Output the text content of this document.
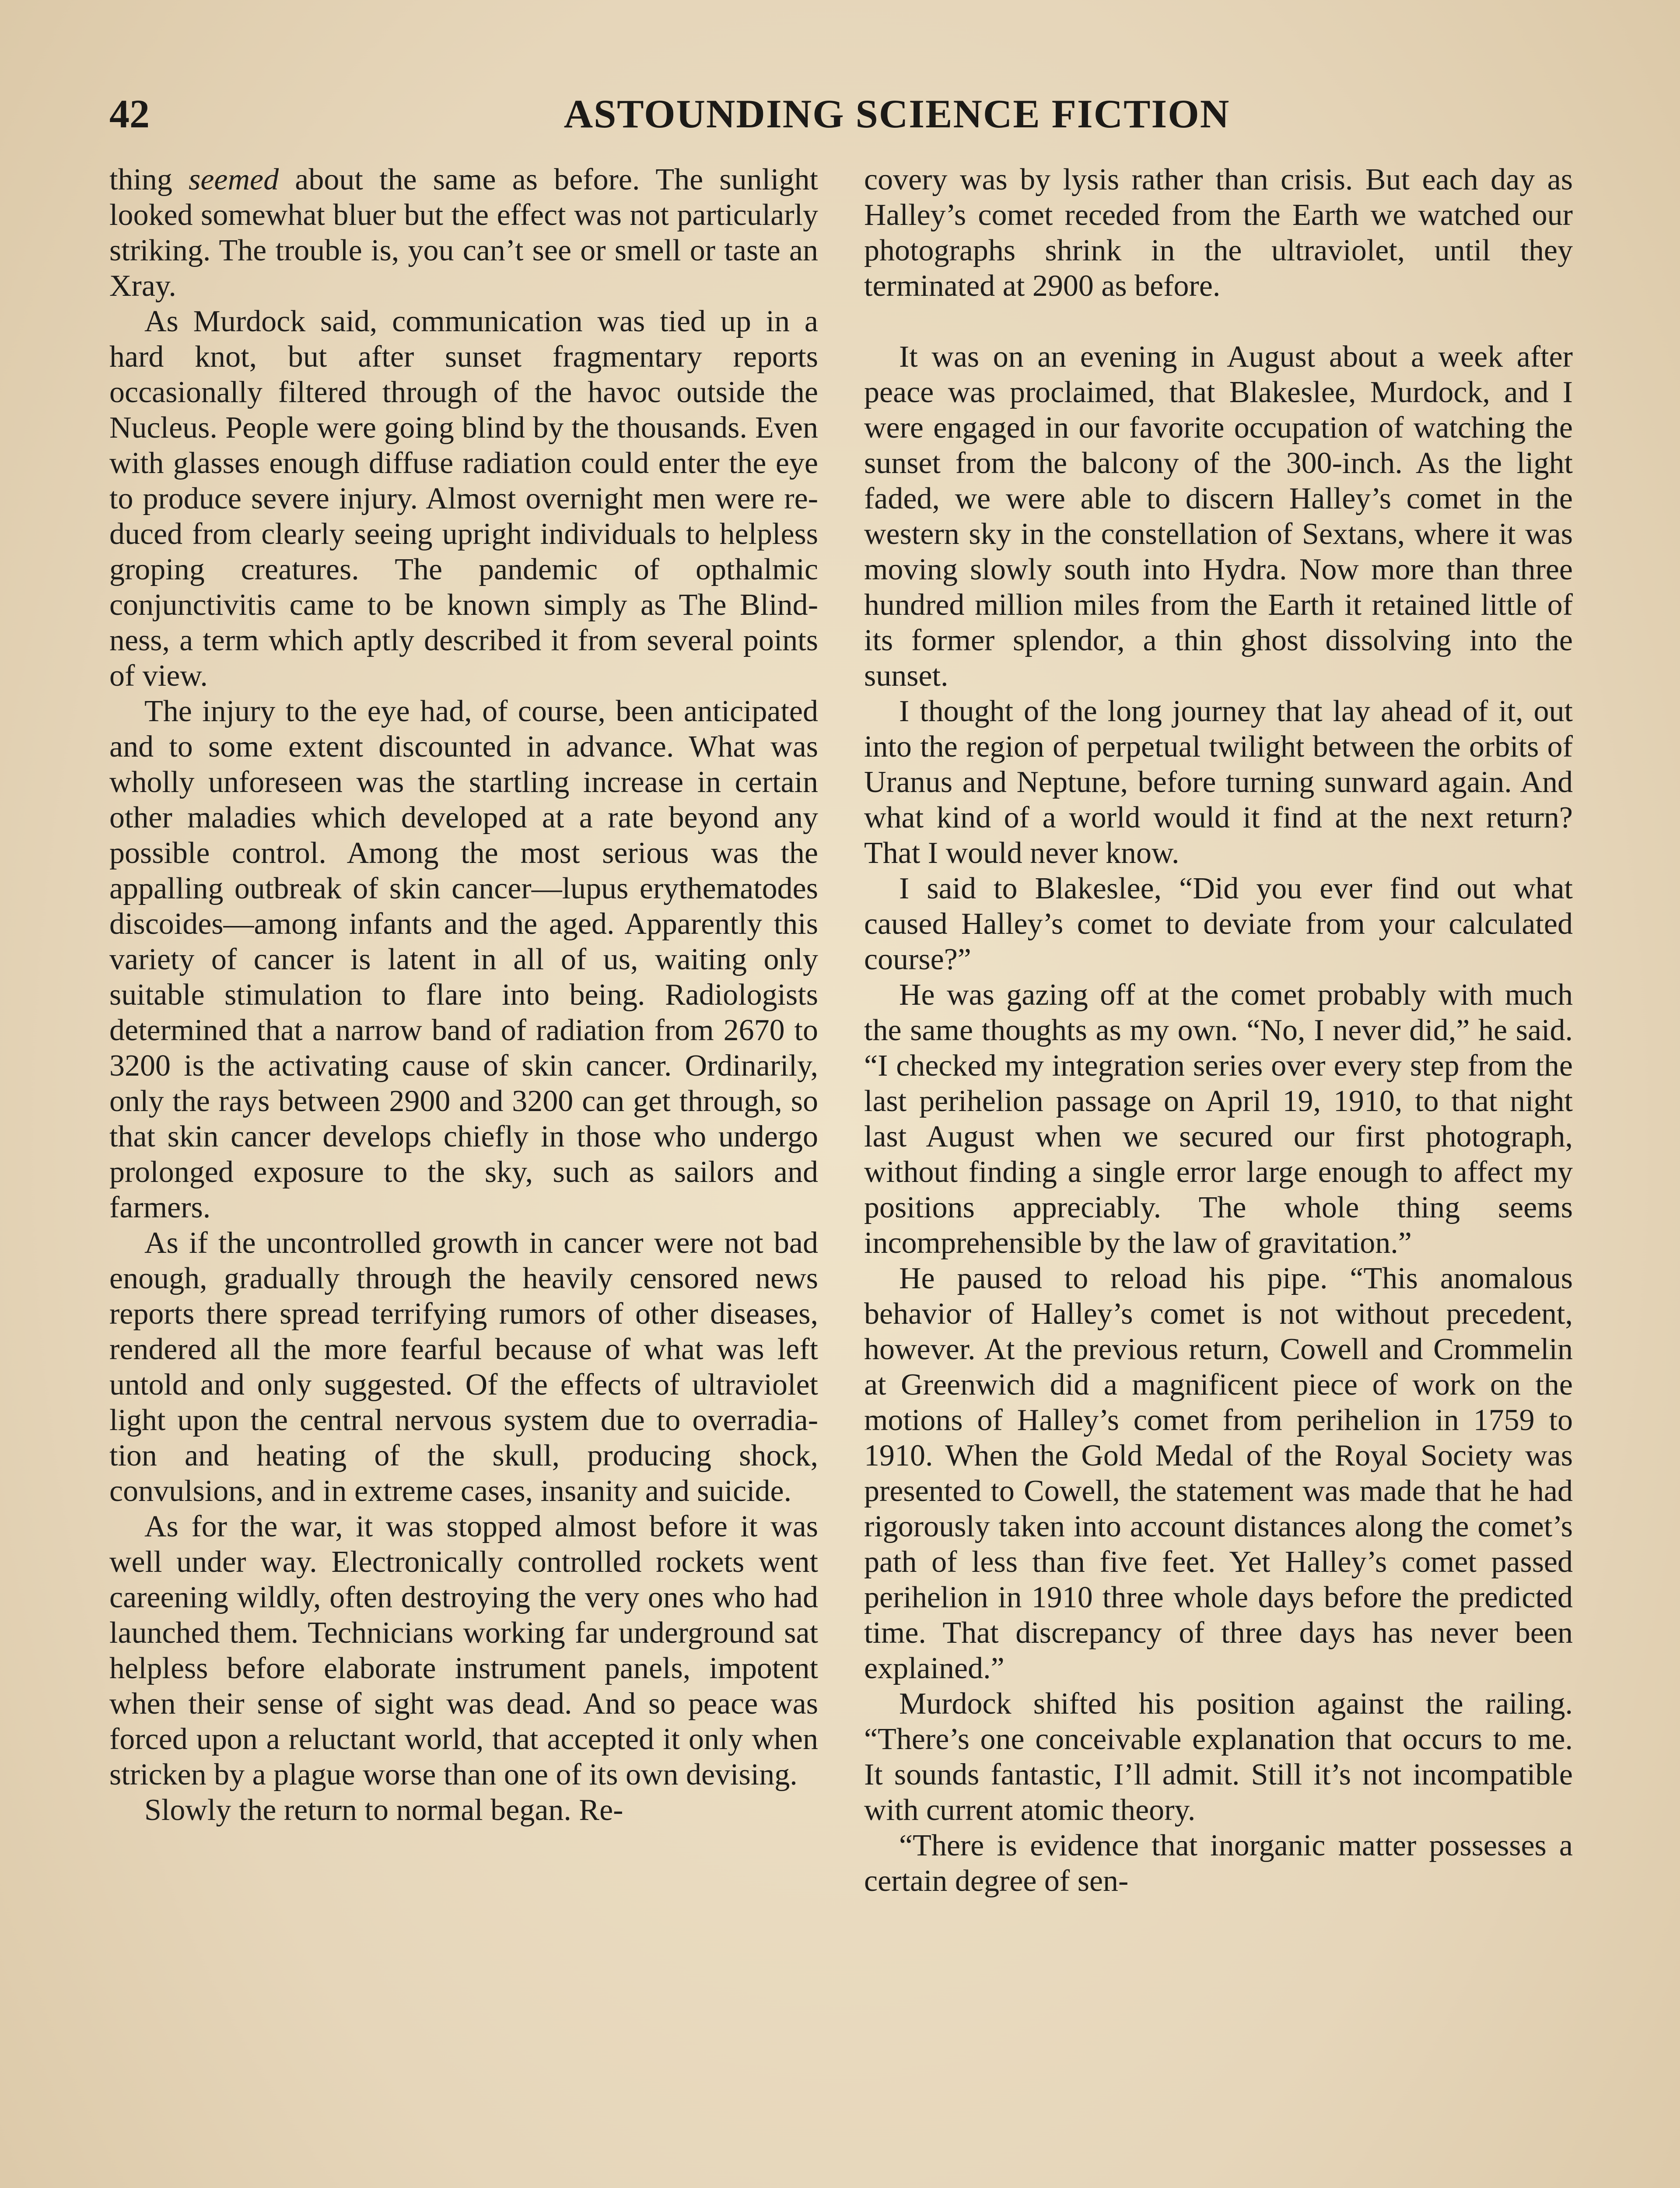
42	ASTOUNDING SCIENCE FICTION

thing seemed about the same as before. The sunlight looked somewhat bluer but the effect was not particularly striking. The trouble is, you can’t see or smell or taste an Xray.

As Murdock said, communication was tied up in a hard knot, but after sunset fragmentary reports occasionally filtered through of the havoc outside the Nucleus. People were going blind by the thousands. Even with glasses enough diffuse radiation could enter the eye to produce severe injury. Almost overnight men were reduced from clearly seeing upright individuals to helpless groping creatures. The pandemic of opthalmic conjunctivitis came to be known simply as The Blindness, a term which aptly described it from several points of view.

The injury to the eye had, of course, been anticipated and to some extent discounted in advance. What was wholly unforeseen was the startling increase in certain other maladies which developed at a rate beyond any possible control. Among the most serious was the appalling outbreak of skin cancer—lupus erythematodes discoides—among infants and the aged. Apparently this variety of cancer is latent in all of us, waiting only suitable stimulation to flare into being. Radiologists determined that a narrow band of radiation from 2670 to 3200 is the activating cause of skin cancer. Ordinarily, only the rays between 2900 and 3200 can get through, so that skin cancer develops chiefly in those who undergo prolonged exposure to the sky, such as sailors and farmers.

As if the uncontrolled growth in cancer were not bad enough, gradually through the heavily censored news reports there spread terrifying rumors of other diseases, rendered all the more fearful because of what was left untold and only suggested. Of the effects of ultraviolet light upon the central nervous system due to overradiation and heating of the skull, producing shock, convulsions, and in extreme cases, insanity and suicide.

As for the war, it was stopped almost before it was well under way. Electronically controlled rockets went careening wildly, often destroying the very ones who had launched them. Technicians working far underground sat helpless before elaborate instrument panels, impotent when their sense of sight was dead. And so peace was forced upon a reluctant world, that accepted it only when stricken by a plague worse than one of its own devising.

Slowly the return to normal began. Re-

covery was by lysis rather than crisis. But each day as Halley’s comet receded from the Earth we watched our photographs shrink in the ultraviolet, until they terminated at 2900 as before.

It was on an evening in August about a week after peace was proclaimed, that Blakeslee, Murdock, and I were engaged in our favorite occupation of watching the sunset from the balcony of the 300-inch. As the light faded, we were able to discern Halley’s comet in the western sky in the constellation of Sextans, where it was moving slowly south into Hydra. Now more than three hundred million miles from the Earth it retained little of its former splendor, a thin ghost dissolving into the sunset.

I thought of the long journey that lay ahead of it, out into the region of perpetual twilight between the orbits of Uranus and Neptune, before turning sunward again. And what kind of a world would it find at the next return? That I would never know.

I said to Blakeslee, “Did you ever find out what caused Halley’s comet to deviate from your calculated course?”

He was gazing off at the comet probably with much the same thoughts as my own. “No, I never did,” he said. “I checked my integration series over every step from the last perihelion passage on April 19, 1910, to that night last August when we secured our first photograph, without finding a single error large enough to affect my positions appreciably. The whole thing seems incomprehensible by the law of gravitation.”

He paused to reload his pipe. “This anomalous behavior of Halley’s comet is not without precedent, however. At the previous return, Cowell and Crommelin at Greenwich did a magnificent piece of work on the motions of Halley’s comet from perihelion in 1759 to 1910. When the Gold Medal of the Royal Society was presented to Cowell, the statement was made that he had rigorously taken into account distances along the comet’s path of less than five feet. Yet Halley’s comet passed perihelion in 1910 three whole days before the predicted time. That discrepancy of three days has never been explained.”

Murdock shifted his position against the railing. “There’s one conceivable explanation that occurs to me. It sounds fantastic, I’ll admit. Still it’s not incompatible with current atomic theory.

“There is evidence that inorganic matter possesses a certain degree of sen-
